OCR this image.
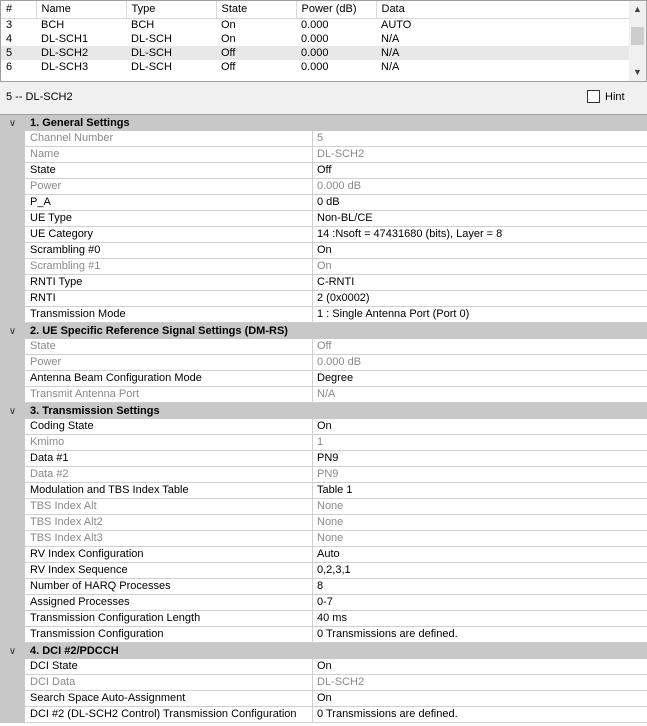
#	Name	Type	State	Power (dB)	Data
3	BCH	BCH	On	0.000	AUTO
4	DL-SCH1	DL-SCH	On	0.000	N/A
5	DL-SCH2	DL-SCH	Off	0.000	N/A
6	DL-SCH3	DL-SCH	Off	0.000	N/A
▲
▼
5 -- DL-SCH2	Hint
∨	1. General Settings
Channel Number	5
Name	DL-SCH2
State	Off
Power	0.000 dB
P_A	0 dB
UE Type	Non-BL/CE
UE Category	14 :Nsoft = 47431680 (bits), Layer = 8
Scrambling #0	On
Scrambling #1	On
RNTI Type	C-RNTI
RNTI	2 (0x0002)
Transmission Mode	1 : Single Antenna Port (Port 0)
∨	2. UE Specific Reference Signal Settings (DM-RS)
State	Off
Power	0.000 dB
Antenna Beam Configuration Mode	Degree
Transmit Antenna Port	N/A
∨	3. Transmission Settings
Coding State	On
Kmimo	1
Data #1	PN9
Data #2	PN9
Modulation and TBS Index Table	Table 1
TBS Index Alt	None
TBS Index Alt2	None
TBS Index Alt3	None
RV Index Configuration	Auto
RV Index Sequence	0,2,3,1
Number of HARQ Processes	8
Assigned Processes	0-7
Transmission Configuration Length	40 ms
Transmission Configuration	0 Transmissions are defined.
∨	4. DCI #2/PDCCH
DCI State	On
DCI Data	DL-SCH2
Search Space Auto-Assignment	On
DCI #2 (DL-SCH2 Control) Transmission Configuration	0 Transmissions are defined.
